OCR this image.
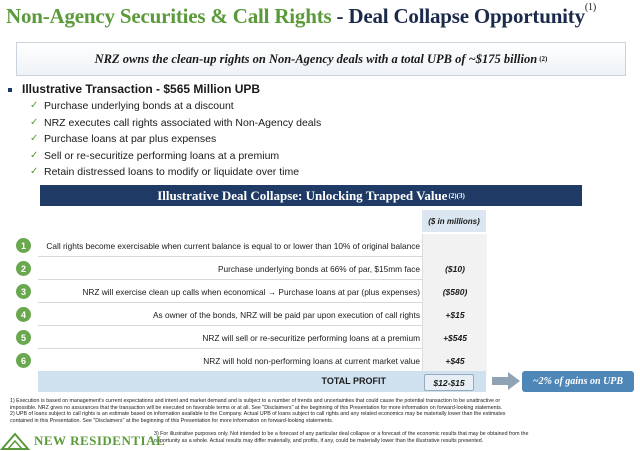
Non-Agency Securities & Call Rights - Deal Collapse Opportunity$^{(1)}$
NRZ owns the clean-up rights on Non-Agency deals with a total UPB of ~$175 billion (2)
Illustrative Transaction - $565 Million UPB
✓ Purchase underlying bonds at a discount
✓ NRZ executes call rights associated with Non-Agency deals
✓ Purchase loans at par plus expenses
✓ Sell or re-securitize performing loans at a premium
✓ Retain distressed loans to modify or liquidate over time
Illustrative Deal Collapse: Unlocking Trapped Value (2)(3)
($ in millions)
1	Call rights become exercisable when current balance is equal to or lower than 10% of original balance
2	Purchase underlying bonds at 66% of par, $15mm face	($10)
3	NRZ will exercise clean up calls when economical → Purchase loans at par (plus expenses)	($580)
4	As owner of the bonds, NRZ will be paid par upon execution of call rights	+$15
5	NRZ will sell or re-securitize performing loans at a premium	+$545
6	NRZ will hold non-performing loans at current market value	+$45
TOTAL PROFIT	$12-$15	~2% of gains on UPB
1) Execution is based on management's current expectations and intent and market demand and is subject to a number of trends and uncertainties that could cause the potential transaction to be unattractive or
impossible. NRZ gives no assurances that the transaction will be executed on favorable terms or at all. See "Disclaimers" at the beginning of this Presentation for more information on forward-looking statements.
2) UPB of loans subject to call rights is an estimate based on information available to the Company. Actual UPB of loans subject to call rights and any related economics may be materially lower than the estimates
contained in this Presentation. See "Disclaimers" at the beginning of this Presentation for more information on forward-looking statements.
3) For illustrative purposes only. Not intended to be a forecast of any particular deal collapse or a forecast of the economic results that may be obtained from the
opportunity as a whole. Actual results may differ materially, and profits, if any, could be materially lower than the illustrative results presented.
NEW RESIDENTIAL
